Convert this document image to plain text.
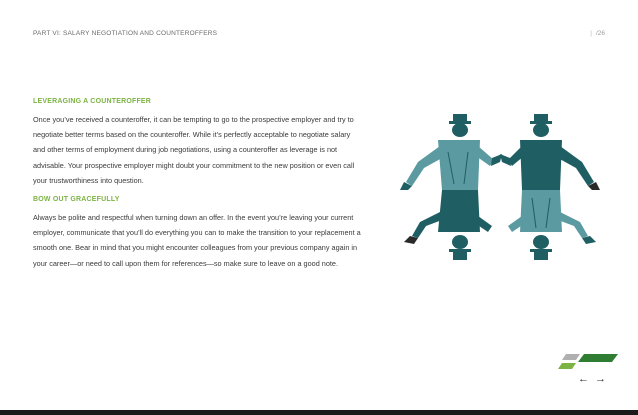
PART VI: SALARY NEGOTIATION AND COUNTEROFFERS	| /26
LEVERAGING A COUNTEROFFER

Once you’ve received a counteroffer, it can be tempting to go to the prospective employer and try to negotiate better terms based on the counteroffer. While it’s perfectly acceptable to negotiate salary and other terms of employment during job negotiations, using a counteroffer as leverage is not advisable. Your prospective employer might doubt your commitment to the new position or even call your trustworthiness into question.

BOW OUT GRACEFULLY

Always be polite and respectful when turning down an offer. In the event you’re leaving your current employer, communicate that you’ll do everything you can to make the transition to your replacement a smooth one. Bear in mind that you might encounter colleagues from your previous company again in your career—or need to call upon them for references—so make sure to leave on a good note.

← →
